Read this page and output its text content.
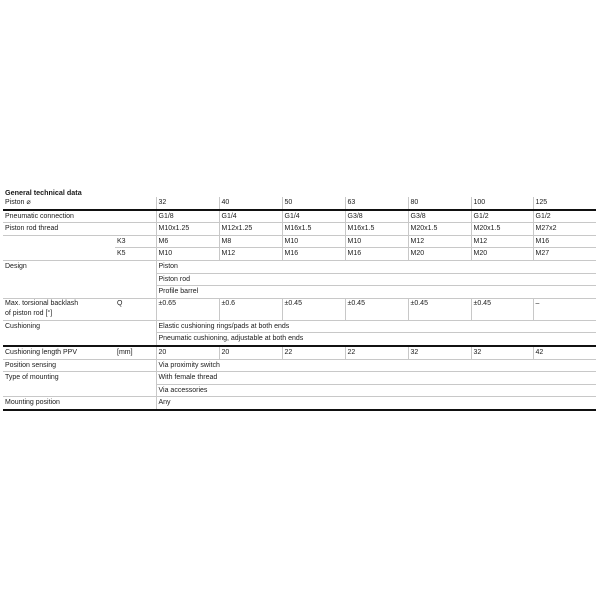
General technical data
Piston ⌀		32	40	50	63	80	100	125
Pneumatic connection		G1/8	G1/4	G1/4	G3/8	G3/8	G1/2	G1/2
Piston rod thread		M10x1.25	M12x1.25	M16x1.5	M16x1.5	M20x1.5	M20x1.5	M27x2
	K3	M6	M8	M10	M10	M12	M12	M16
	K5	M10	M12	M16	M16	M20	M20	M27
Design		Piston						
		Piston rod						
		Profile barrel						
Max. torsional backlash
of piston rod [°]	Q	±0.65	±0.6	±0.45	±0.45	±0.45	±0.45	–
Cushioning		Elastic cushioning rings/pads at both ends						
		Pneumatic cushioning, adjustable at both ends						
Cushioning length PPV	[mm]	20	20	22	22	32	32	42
Position sensing		Via proximity switch						
Type of mounting		With female thread						
		Via accessories						
Mounting position		Any						
